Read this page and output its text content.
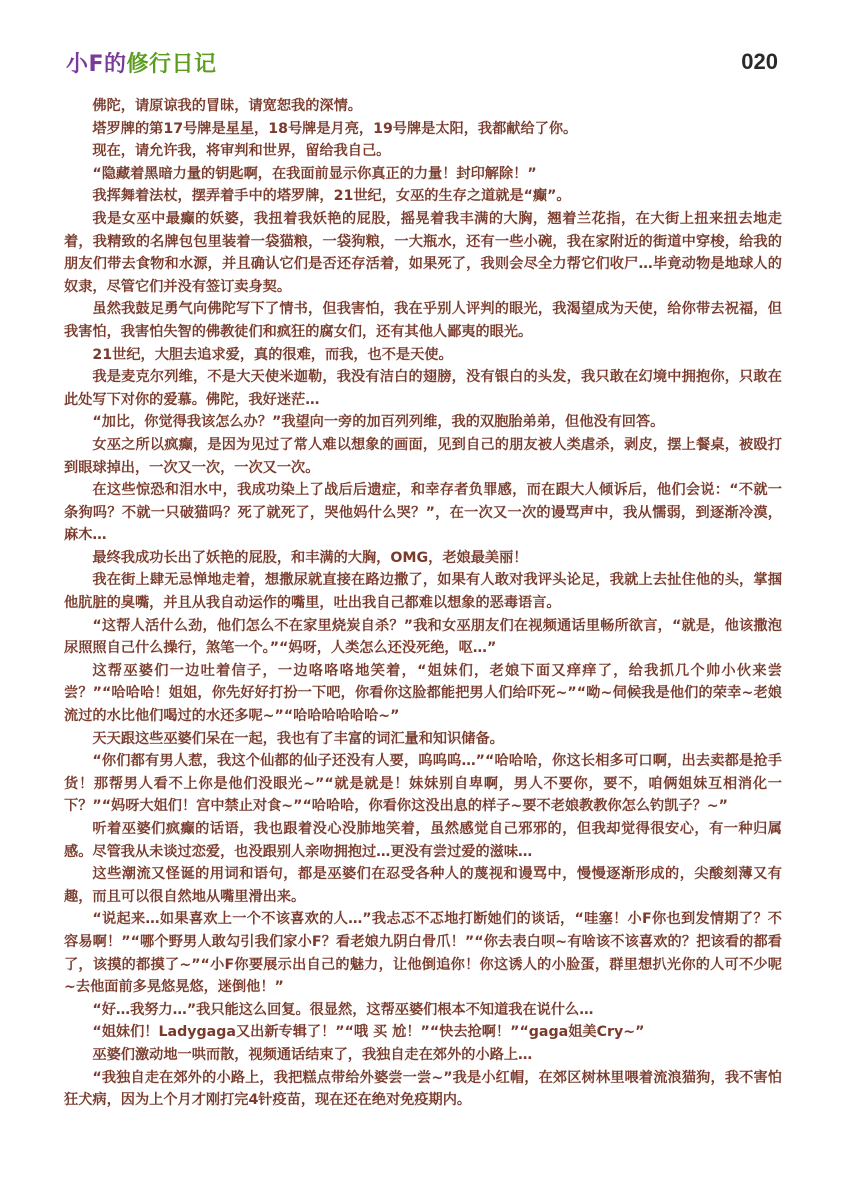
小F的修行日记	020

佛陀，请原谅我的冒昧，请宽恕我的深情。

塔罗牌的第17号牌是星星，18号牌是月亮，19号牌是太阳，我都献给了你。

现在，请允许我，将审判和世界，留给我自己。

“隐藏着黑暗力量的钥匙啊，在我面前显示你真正的力量！封印解除！”

我挥舞着法杖，摆弄着手中的塔罗牌，21世纪，女巫的生存之道就是“癫”。

我是女巫中最癫的妖婆，我扭着我妖艳的屁股，摇晃着我丰满的大胸，翘着兰花指，在大街上扭来扭去地走着，我精致的名牌包包里装着一袋猫粮，一袋狗粮，一大瓶水，还有一些小碗，我在家附近的街道中穿梭，给我的朋友们带去食物和水源，并且确认它们是否还存活着，如果死了，我则会尽全力帮它们收尸…毕竟动物是地球人的奴隶，尽管它们并没有签订卖身契。

虽然我鼓足勇气向佛陀写下了情书，但我害怕，我在乎别人评判的眼光，我渴望成为天使，给你带去祝福，但我害怕，我害怕失智的佛教徒们和疯狂的腐女们，还有其他人鄙夷的眼光。

21世纪，大胆去追求爱，真的很难，而我，也不是天使。

我是麦克尔列维，不是大天使米迦勒，我没有洁白的翅膀，没有银白的头发，我只敢在幻境中拥抱你，只敢在此处写下对你的爱慕。佛陀，我好迷茫…

“加比，你觉得我该怎么办？”我望向一旁的加百列列维，我的双胞胎弟弟，但他没有回答。

女巫之所以疯癫，是因为见过了常人难以想象的画面，见到自己的朋友被人类虐杀，剥皮，摆上餐桌，被殴打到眼球掉出，一次又一次，一次又一次。

在这些惊恐和泪水中，我成功染上了战后后遗症，和幸存者负罪感，而在跟大人倾诉后，他们会说：“不就一条狗吗？不就一只破猫吗？死了就死了，哭他妈什么哭？”，在一次又一次的谩骂声中，我从懦弱，到逐渐冷漠，麻木…

最终我成功长出了妖艳的屁股，和丰满的大胸，OMG，老娘最美丽！

我在街上肆无忌惮地走着，想撒尿就直接在路边撒了，如果有人敢对我评头论足，我就上去扯住他的头，掌掴他肮脏的臭嘴，并且从我自动运作的嘴里，吐出我自己都难以想象的恶毒语言。

“这帮人活什么劲，他们怎么不在家里烧炭自杀？”我和女巫朋友们在视频通话里畅所欲言，“就是，他该撒泡尿照照自己什么操行，煞笔一个。”“妈呀，人类怎么还没死绝，呕…”

这帮巫婆们一边吐着信子，一边咯咯咯地笑着，“姐妹们，老娘下面又痒痒了，给我抓几个帅小伙来尝尝？”“哈哈哈！姐姐，你先好好打扮一下吧，你看你这脸都能把男人们给吓死~”“呦~伺候我是他们的荣幸~老娘流过的水比他们喝过的水还多呢~”“哈哈哈哈哈哈~”

天天跟这些巫婆们呆在一起，我也有了丰富的词汇量和知识储备。

“你们都有男人惹，我这个仙都的仙子还没有人要，呜呜呜…”“哈哈哈，你这长相多可口啊，出去卖都是抢手货！那帮男人看不上你是他们没眼光~”“就是就是！妹妹别自卑啊，男人不要你，要不，咱俩姐妹互相消化一下？”“妈呀大姐们！宫中禁止对食~”“哈哈哈，你看你这没出息的样子~要不老娘教教你怎么钓凯子？~”

听着巫婆们疯癫的话语，我也跟着没心没肺地笑着，虽然感觉自己邪邪的，但我却觉得很安心，有一种归属感。尽管我从未谈过恋爱，也没跟别人亲吻拥抱过…更没有尝过爱的滋味…

这些潮流又怪诞的用词和语句，都是巫婆们在忍受各种人的蔑视和谩骂中，慢慢逐渐形成的，尖酸刻薄又有趣，而且可以很自然地从嘴里滑出来。

“说起来…如果喜欢上一个不该喜欢的人…”我忐忑不忑地打断她们的谈话，“哇塞！小F你也到发情期了？不容易啊！”“哪个野男人敢勾引我们家小F？看老娘九阴白骨爪！”“你去表白呗~有啥该不该喜欢的？把该看的都看了，该摸的都摸了~”“小F你要展示出自己的魅力，让他倒追你！你这诱人的小脸蛋，群里想扒光你的人可不少呢~去他面前多晃悠晃悠，迷倒他！”

“好…我努力…”我只能这么回复。很显然，这帮巫婆们根本不知道我在说什么…

“姐妹们！Ladygaga又出新专辑了！”“哦 买 尬！”“快去抢啊！”“gaga姐美Cry~”

巫婆们激动地一哄而散，视频通话结束了，我独自走在郊外的小路上…

“我独自走在郊外的小路上，我把糕点带给外婆尝一尝~”我是小红帽，在郊区树林里喂着流浪猫狗，我不害怕狂犬病，因为上个月才刚打完4针疫苗，现在还在绝对免疫期内。
